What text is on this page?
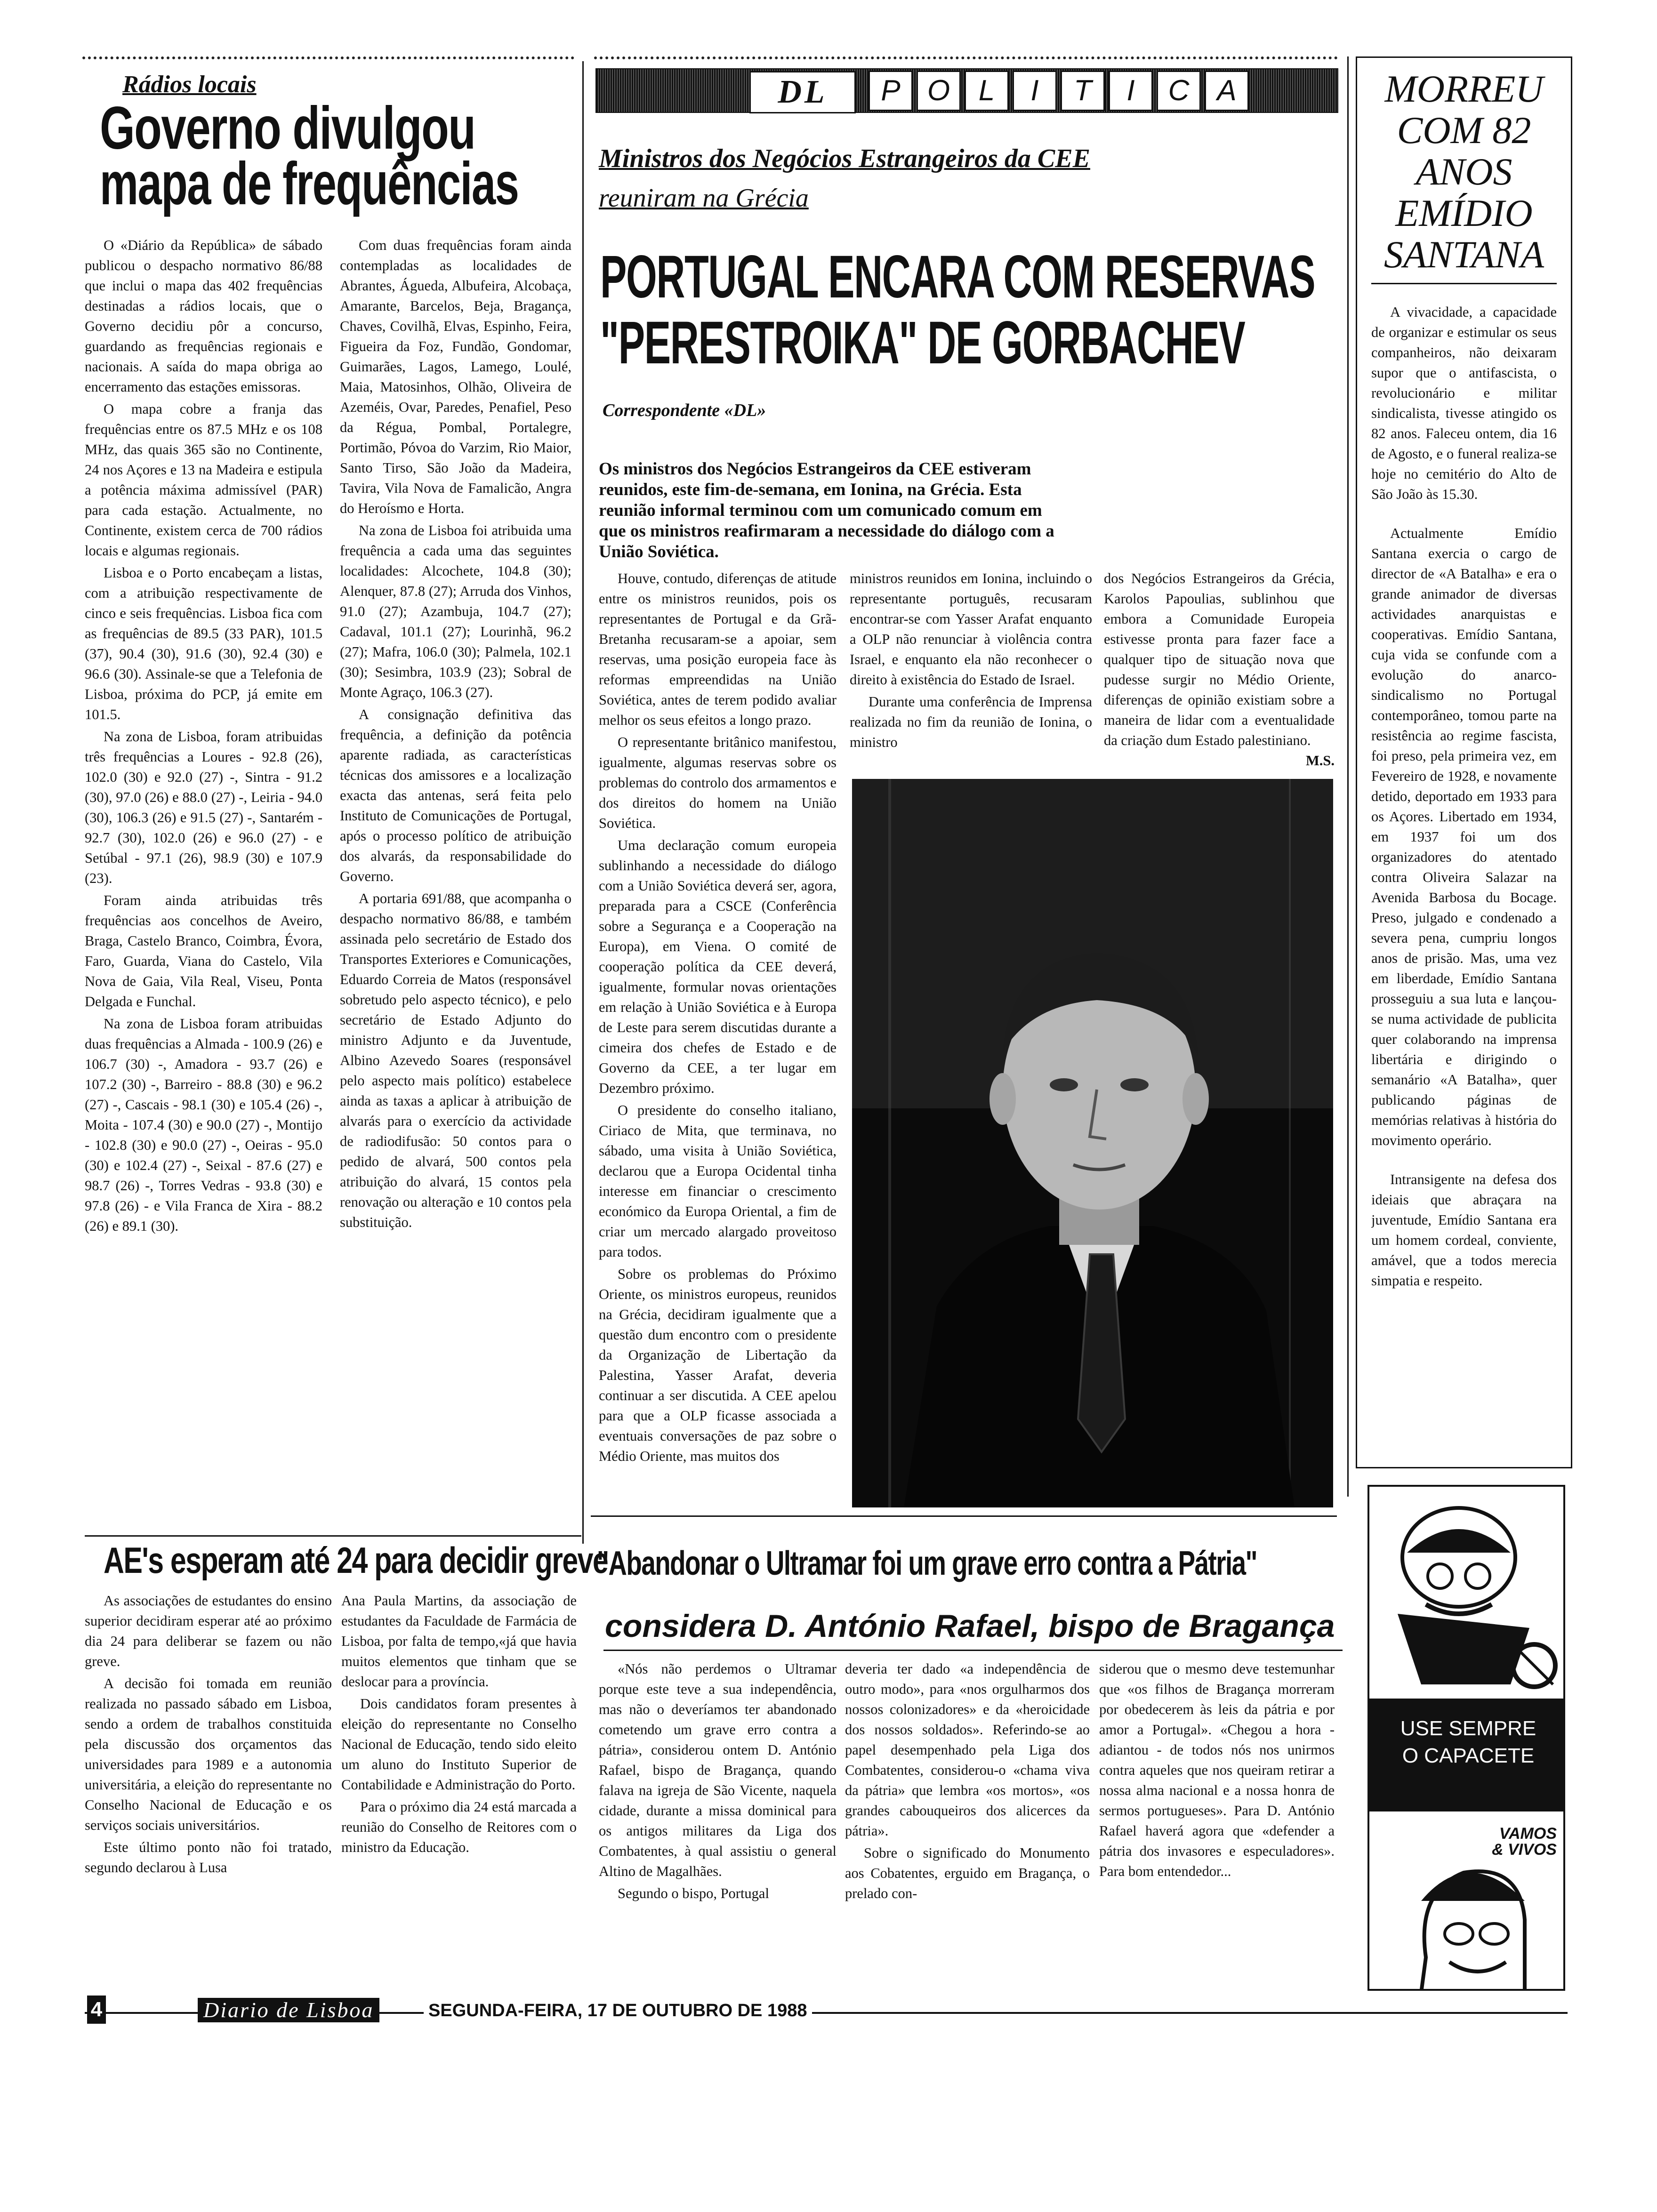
Rádios locais
Governo divulgou
mapa de frequências

O «Diário da República» de sábado publicou o despacho normativo 86/88 que inclui o mapa das 402 frequências destinadas a rádios locais, que o Governo decidiu pôr a concurso, guardando as frequências regionais e nacionais. A saída do mapa obriga ao encerramento das estações emissoras.

O mapa cobre a franja das frequências entre os 87.5 MHz e os 108 MHz, das quais 365 são no Continente, 24 nos Açores e 13 na Madeira e estipula a potência máxima admissível (PAR) para cada estação. Actualmente, no Continente, existem cerca de 700 rádios locais e algumas regionais.

Lisboa e o Porto encabeçam a listas, com a atribuição respectivamente de cinco e seis frequências. Lisboa fica com as frequências de 89.5 (33 PAR), 101.5 (37), 90.4 (30), 91.6 (30), 92.4 (30) e 96.6 (30). Assinale-se que a Telefonia de Lisboa, próxima do PCP, já emite em 101.5.

Na zona de Lisboa, foram atribuidas três frequências a Loures - 92.8 (26), 102.0 (30) e 92.0 (27) -, Sintra - 91.2 (30), 97.0 (26) e 88.0 (27) -, Leiria - 94.0 (30), 106.3 (26) e 91.5 (27) -, Santarém - 92.7 (30), 102.0 (26) e 96.0 (27) - e Setúbal - 97.1 (26), 98.9 (30) e 107.9 (23).

Foram ainda atribuidas três frequências aos concelhos de Aveiro, Braga, Castelo Branco, Coimbra, Évora, Faro, Guarda, Viana do Castelo, Vila Nova de Gaia, Vila Real, Viseu, Ponta Delgada e Funchal.

Na zona de Lisboa foram atribuidas duas frequências a Almada - 100.9 (26) e 106.7 (30) -, Amadora - 93.7 (26) e 107.2 (30) -, Barreiro - 88.8 (30) e 96.2 (27) -, Cascais - 98.1 (30) e 105.4 (26) -, Moita - 107.4 (30) e 90.0 (27) -, Montijo - 102.8 (30) e 90.0 (27) -, Oeiras - 95.0 (30) e 102.4 (27) -, Seixal - 87.6 (27) e 98.7 (26) -, Torres Vedras - 93.8 (30) e 97.8 (26) - e Vila Franca de Xira - 88.2 (26) e 89.1 (30).

Com duas frequências foram ainda contempladas as localidades de Abrantes, Águeda, Albufeira, Alcobaça, Amarante, Barcelos, Beja, Bragança, Chaves, Covilhã, Elvas, Espinho, Feira, Figueira da Foz, Fundão, Gondomar, Guimarães, Lagos, Lamego, Loulé, Maia, Matosinhos, Olhão, Oliveira de Azeméis, Ovar, Paredes, Penafiel, Peso da Régua, Pombal, Portalegre, Portimão, Póvoa do Varzim, Rio Maior, Santo Tirso, São João da Madeira, Tavira, Vila Nova de Famalicão, Angra do Heroísmo e Horta.

Na zona de Lisboa foi atribuida uma frequência a cada uma das seguintes localidades: Alcochete, 104.8 (30); Alenquer, 87.8 (27); Arruda dos Vinhos, 91.0 (27); Azambuja, 104.7 (27); Cadaval, 101.1 (27); Lourinhã, 96.2 (27); Mafra, 106.0 (30); Palmela, 102.1 (30); Sesimbra, 103.9 (23); Sobral de Monte Agraço, 106.3 (27).

A consignação definitiva das frequência, a definição da potência aparente radiada, as características técnicas dos amissores e a localização exacta das antenas, será feita pelo Instituto de Comunicações de Portugal, após o processo político de atribuição dos alvarás, da responsabilidade do Governo.

A portaria 691/88, que acompanha o despacho normativo 86/88, e também assinada pelo secretário de Estado dos Transportes Exteriores e Comunicações, Eduardo Correia de Matos (responsável sobretudo pelo aspecto técnico), e pelo secretário de Estado Adjunto do ministro Adjunto e da Juventude, Albino Azevedo Soares (responsável pelo aspecto mais político) estabelece ainda as taxas a aplicar à atribuição de alvarás para o exercício da actividade de radiodifusão: 50 contos para o pedido de alvará, 500 contos pela atribuição do alvará, 15 contos pela renovação ou alteração e 10 contos pela substituição.

AE's esperam até 24 para decidir greve

As associações de estudantes do ensino superior decidiram esperar até ao próximo dia 24 para deliberar se fazem ou não greve.

A decisão foi tomada em reunião realizada no passado sábado em Lisboa, sendo a ordem de trabalhos constituida pela discussão dos orçamentos das universidades para 1989 e a autonomia universitária, a eleição do representante no Conselho Nacional de Educação e os serviços sociais universitários.

Este último ponto não foi tratado, segundo declarou à Lusa

Ana Paula Martins, da associação de estudantes da Faculdade de Farmácia de Lisboa, por falta de tempo,«já que havia muitos elementos que tinham que se deslocar para a província.

Dois candidatos foram presentes à eleição do representante no Conselho Nacional de Educação, tendo sido eleito um aluno do Instituto Superior de Contabilidade e Administração do Porto.

Para o próximo dia 24 está marcada a reunião do Conselho de Reitores com o ministro da Educação.

DL	P O L I T I C A
Ministros dos Negócios Estrangeiros da CEE
reuniram na Grécia
PORTUGAL ENCARA COM RESERVAS
"PERESTROIKA" DE GORBACHEV
Correspondente «DL»
Os ministros dos Negócios Estrangeiros da CEE estiveram reunidos, este fim-de-semana, em Ionina, na Grécia. Esta reunião informal terminou com um comunicado comum em que os ministros reafirmaram a necessidade do diálogo com a União Soviética.

Houve, contudo, diferenças de atitude entre os ministros reunidos, pois os representantes de Portugal e da Grã-Bretanha recusaram-se a apoiar, sem reservas, uma posição europeia face às reformas empreendidas na União Soviética, antes de terem podido avaliar melhor os seus efeitos a longo prazo.

O representante britânico manifestou, igualmente, algumas reservas sobre os problemas do controlo dos armamentos e dos direitos do homem na União Soviética.

Uma declaração comum europeia sublinhando a necessidade do diálogo com a União Soviética deverá ser, agora, preparada para a CSCE (Conferência sobre a Segurança e a Cooperação na Europa), em Viena. O comité de cooperação política da CEE deverá, igualmente, formular novas orientações em relação à União Soviética e à Europa de Leste para serem discutidas durante a cimeira dos chefes de Estado e de Governo da CEE, a ter lugar em Dezembro próximo.

O presidente do conselho italiano, Ciriaco de Mita, que terminava, no sábado, uma visita à União Soviética, declarou que a Europa Ocidental tinha interesse em financiar o crescimento económico da Europa Oriental, a fim de criar um mercado alargado proveitoso para todos.

Sobre os problemas do Próximo Oriente, os ministros europeus, reunidos na Grécia, decidiram igualmente que a questão dum encontro com o presidente da Organização de Libertação da Palestina, Yasser Arafat, deveria continuar a ser discutida. A CEE apelou para que a OLP ficasse associada a eventuais conversações de paz sobre o Médio Oriente, mas muitos dos

ministros reunidos em Ionina, incluindo o representante português, recusaram encontrar-se com Yasser Arafat enquanto a OLP não renunciar à violência contra Israel, e enquanto ela não reconhecer o direito à existência do Estado de Israel.

Durante uma conferência de Imprensa realizada no fim da reunião de Ionina, o ministro

dos Negócios Estrangeiros da Grécia, Karolos Papoulias, sublinhou que embora a Comunidade Europeia estivesse pronta para fazer face a qualquer tipo de situação nova que pudesse surgir no Médio Oriente, diferenças de opinião existiam sobre a maneira de lidar com a eventualidade da criação dum Estado palestiniano.

M.S.
"Abandonar o Ultramar foi um grave erro contra a Pátria"
considera D. António Rafael, bispo de Bragança

«Nós não perdemos o Ultramar porque este teve a sua independência, mas não o deveríamos ter abandonado cometendo um grave erro contra a pátria», considerou ontem D. António Rafael, bispo de Bragança, quando falava na igreja de São Vicente, naquela cidade, durante a missa dominical para os antigos militares da Liga dos Combatentes, à qual assistiu o general Altino de Magalhães.

Segundo o bispo, Portugal

deveria ter dado «a independência de outro modo», para «nos orgulharmos dos nossos colonizadores» e da «heroicidade dos nossos soldados». Referindo-se ao papel desempenhado pela Liga dos Combatentes, considerou-o «chama viva da pátria» que lembra «os mortos», «os grandes cabouqueiros dos alicerces da pátria».

Sobre o significado do Monumento aos Cobatentes, erguido em Bragança, o prelado con-

siderou que o mesmo deve testemunhar que «os filhos de Bragança morreram por obedecerem às leis da pátria e por amor a Portugal». «Chegou a hora - adiantou - de todos nós nos unirmos contra aqueles que nos queiram retirar a nossa alma nacional e a nossa honra de sermos portugueses». Para D. António Rafael haverá agora que «defender a pátria dos invasores e especuladores». Para bom entendedor...

MORREU
COM 82
ANOS
EMÍDIO
SANTANA

A vivacidade, a capacidade de organizar e estimular os seus companheiros, não deixaram supor que o antifascista, o revolucionário e militar sindicalista, tivesse atingido os 82 anos. Faleceu ontem, dia 16 de Agosto, e o funeral realiza-se hoje no cemitério do Alto de São João às 15.30.

Actualmente Emídio Santana exercia o cargo de director de «A Batalha» e era o grande animador de diversas actividades anarquistas e cooperativas. Emídio Santana, cuja vida se confunde com a evolução do anarco-sindicalismo no Portugal contemporâneo, tomou parte na resistência ao regime fascista, foi preso, pela primeira vez, em Fevereiro de 1928, e novamente detido, deportado em 1933 para os Açores. Libertado em 1934, em 1937 foi um dos organizadores do atentado contra Oliveira Salazar na Avenida Barbosa du Bocage. Preso, julgado e condenado a severa pena, cumpriu longos anos de prisão. Mas, uma vez em liberdade, Emídio Santana prosseguiu a sua luta e lançou-se numa actividade de publicita quer colaborando na imprensa libertária e dirigindo o semanário «A Batalha», quer publicando páginas de memórias relativas à história do movimento operário.

Intransigente na defesa dos ideiais que abraçara na juventude, Emídio Santana era um homem cordeal, conviente, amável, que a todos merecia simpatia e respeito.

USE SEMPRE
O CAPACETE
VAMOS
& VIVOS
4	Diario de Lisboa	SEGUNDA-FEIRA, 17 DE OUTUBRO DE 1988
